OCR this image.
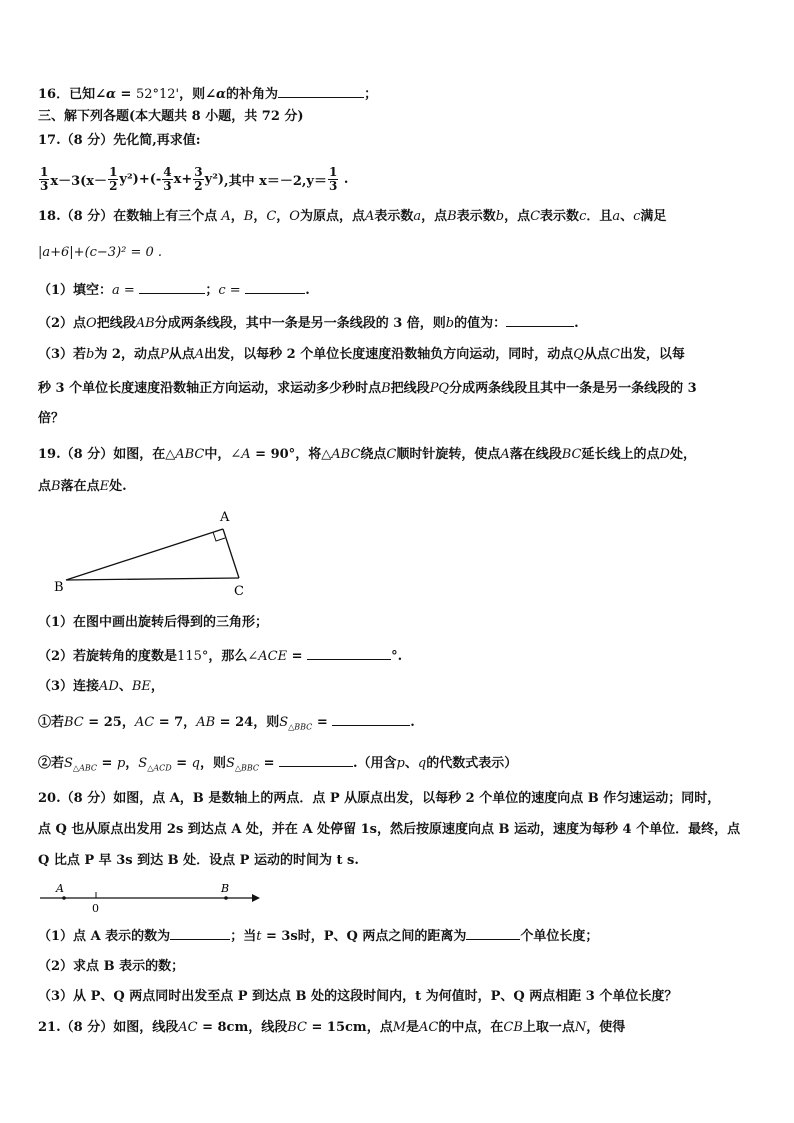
16．已知∠α = 52°12'，则∠α的补角为	；
三、解下列各题(本大题共 8 小题，共 72 分)
17.（8 分）先化简,再求值:
$\frac{1}{3} x-3(x- \frac{1}{2} y^2)+(- \frac{4}{3} x+ \frac{3}{2} y^2)$ ,其中 $x=-2,y= \frac{1}{3}$
.
18.（8 分）在数轴上有三个点 A，B，C，O为原点，点A表示数a，点B表示数b，点C表示数c．且a、c满足
|a+6|+(c−3)² = 0 .
（1）填空：a =	；c =	.
（2）点O把线段AB分成两条线段，其中一条是另一条线段的 3 倍，则b的值为：	.
（3）若b为 2，动点P从点A出发，以每秒 2 个单位长度速度沿数轴负方向运动，同时，动点Q从点C出发，以每
秒 3 个单位长度速度沿数轴正方向运动，求运动多少秒时点B把线段PQ分成两条线段且其中一条是另一条线段的 3
倍？
19.（8 分）如图，在△ABC中，∠A = 90°，将△ABC绕点C顺时针旋转，使点A落在线段BC延长线上的点D处，
点B落在点E处.
A
B	C
（1）在图中画出旋转后得到的三角形；
（2）若旋转角的度数是115°，那么∠ACE =	°.
（3）连接AD、BE，
①若BC = 25，AC = 7，AB = 24，则$S_{\triangle BBC}$ =	.
②若$S_{\triangle ABC} = p$，$S_{\triangle ACD} = q$，则$S_{\triangle BBC}$ =	.（用含p、q的代数式表示）
20.（8 分）如图，点 A，B 是数轴上的两点．点 P 从原点出发，以每秒 2 个单位的速度向点 B 作匀速运动；同时，
点 Q 也从原点出发用 2s 到达点 A 处，并在 A 处停留 1s，然后按原速度向点 B 运动，速度为每秒 4 个单位．最终，点
Q 比点 P 早 3s 到达 B 处．设点 P 运动的时间为 t s.
A
0
B
（1）点 A 表示的数为	；当t = 3s时，P、Q 两点之间的距离为	个单位长度；
（2）求点 B 表示的数；
（3）从 P、Q 两点同时出发至点 P 到达点 B 处的这段时间内，t 为何值时，P、Q 两点相距 3 个单位长度？
21.（8 分）如图，线段AC = 8cm，线段BC = 15cm，点M是AC的中点，在CB上取一点N，使得
